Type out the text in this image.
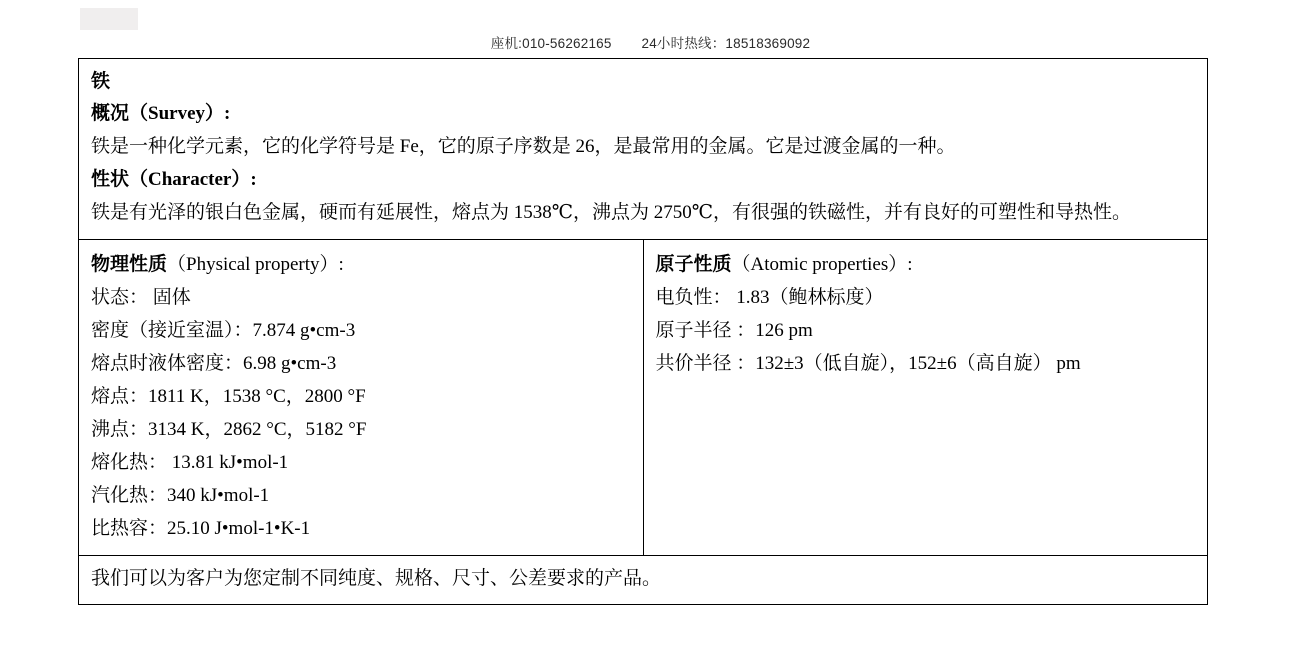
座机:010-56262165 24小时热线：18518369092
铁
概况（Survey）:
铁是一种化学元素，它的化学符号是 Fe，它的原子序数是 26，是最常用的金属。它是过渡金属的一种。
性状（Character）:
铁是有光泽的银白色金属，硬而有延展性，熔点为 1538℃，沸点为 2750℃，有很强的铁磁性，并有良好的可塑性和导热性。

物理性质（Physical property）:
状态： 固体
密度（接近室温）：7.874 g•cm-3
熔点时液体密度：6.98 g•cm-3
熔点：1811 K，1538 °C，2800 °F
沸点：3134 K，2862 °C，5182 °F
熔化热： 13.81 kJ•mol-1
汽化热：340 kJ•mol-1
比热容：25.10 J•mol-1•K-1

原子性质（Atomic properties）:
电负性： 1.83（鲍林标度）
原子半径 ：126 pm
共价半径 ：132±3（低自旋），152±6（高自旋） pm

我们可以为客户为您定制不同纯度、规格、尺寸、公差要求的产品。
